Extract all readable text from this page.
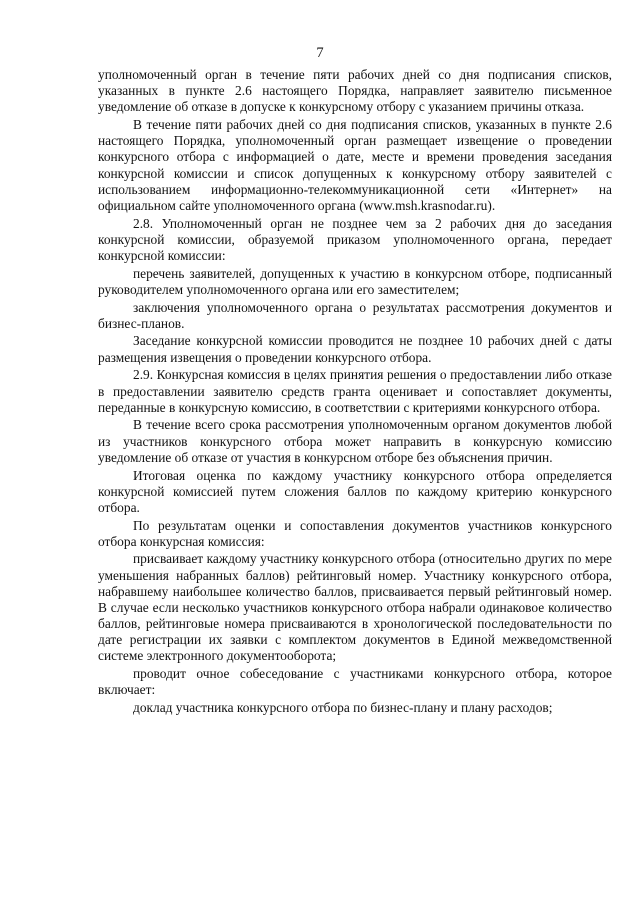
7

уполномоченный орган в течение пяти рабочих дней со дня подписания списков, указанных в пункте 2.6 настоящего Порядка, направляет заявителю письменное уведомление об отказе в допуске к конкурсному отбору с указанием причины отказа.

В течение пяти рабочих дней со дня подписания списков, указанных в пункте 2.6 настоящего Порядка, уполномоченный орган размещает извещение о проведении конкурсного отбора с информацией о дате, месте и времени проведения заседания конкурсной комиссии и список допущенных к конкурсному отбору заявителей с использованием информационно-телекоммуникационной сети «Интернет» на официальном сайте уполномоченного органа (www.msh.krasnodar.ru).

2.8. Уполномоченный орган не позднее чем за 2 рабочих дня до заседания конкурсной комиссии, образуемой приказом уполномоченного органа, передает конкурсной комиссии:

перечень заявителей, допущенных к участию в конкурсном отборе, подписанный руководителем уполномоченного органа или его заместителем;

заключения уполномоченного органа о результатах рассмотрения документов и бизнес-планов.

Заседание конкурсной комиссии проводится не позднее 10 рабочих дней с даты размещения извещения о проведении конкурсного отбора.

2.9. Конкурсная комиссия в целях принятия решения о предоставлении либо отказе в предоставлении заявителю средств гранта оценивает и сопоставляет документы, переданные в конкурсную комиссию, в соответствии с критериями конкурсного отбора.

В течение всего срока рассмотрения уполномоченным органом документов любой из участников конкурсного отбора может направить в конкурсную комиссию уведомление об отказе от участия в конкурсном отборе без объяснения причин.

Итоговая оценка по каждому участнику конкурсного отбора определяется конкурсной комиссией путем сложения баллов по каждому критерию конкурсного отбора.

По результатам оценки и сопоставления документов участников конкурсного отбора конкурсная комиссия:

присваивает каждому участнику конкурсного отбора (относительно других по мере уменьшения набранных баллов) рейтинговый номер. Участнику конкурсного отбора, набравшему наибольшее количество баллов, присваивается первый рейтинговый номер. В случае если несколько участников конкурсного отбора набрали одинаковое количество баллов, рейтинговые номера присваиваются в хронологической последовательности по дате регистрации их заявки с комплектом документов в Единой межведомственной системе электронного документооборота;

проводит очное собеседование с участниками конкурсного отбора, которое включает:

доклад участника конкурсного отбора по бизнес-плану и плану расходов;
